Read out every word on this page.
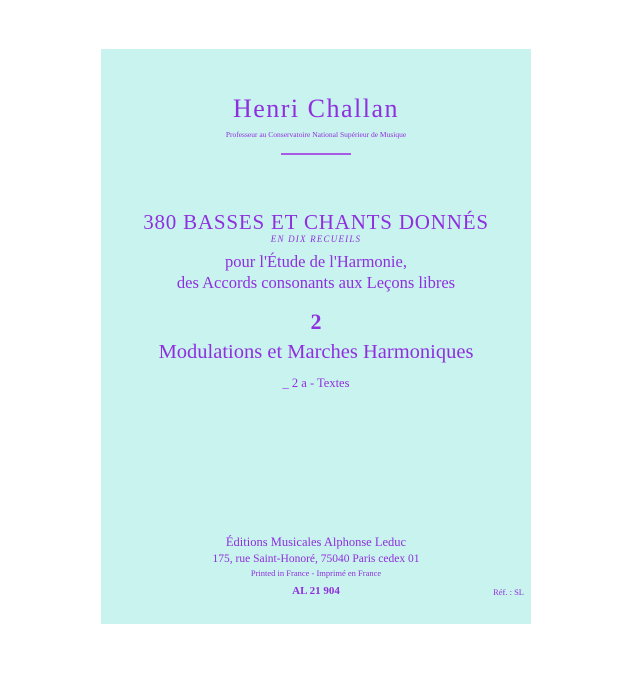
Henri Challan
Professeur au Conservatoire National Supérieur de Musique
380 BASSES ET CHANTS DONNÉS
EN DIX RECUEILS
pour l'Étude de l'Harmonie,
des Accords consonants aux Leçons libres
2
Modulations et Marches Harmoniques
_ 2 a - Textes
Éditions Musicales Alphonse Leduc
175, rue Saint-Honoré, 75040 Paris cedex 01
Printed in France - Imprimé en France
AL 21 904	Réf. : SL
